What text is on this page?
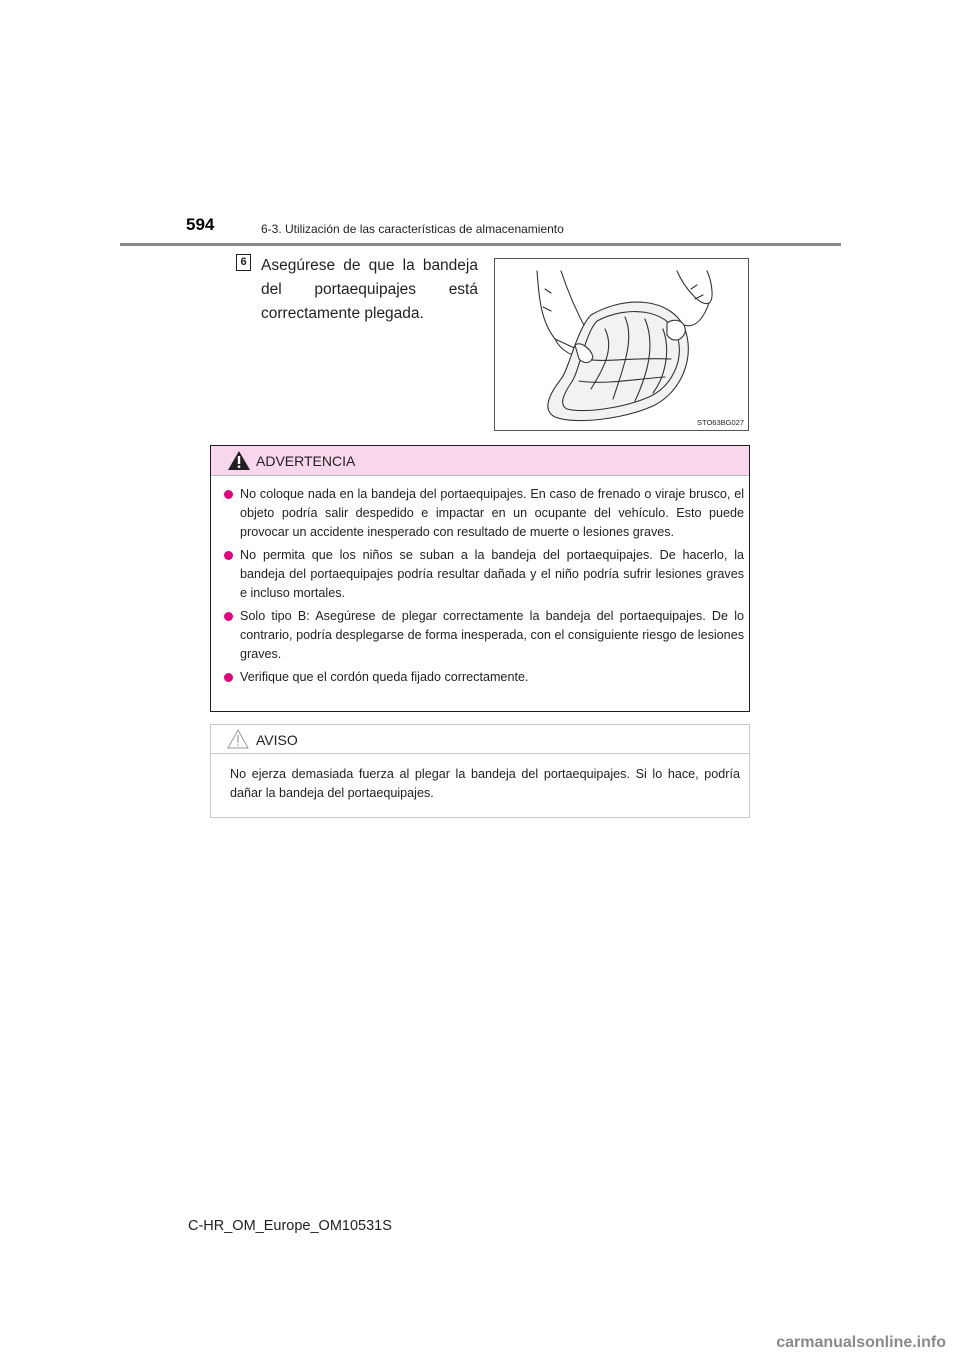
594	6-3. Utilización de las características de almacenamiento
6 Asegúrese de que la bandeja del portaequipajes está correctamente plegada.
STO63BG027
ADVERTENCIA
No coloque nada en la bandeja del portaequipajes. En caso de frenado o viraje brusco, el objeto podría salir despedido e impactar en un ocupante del vehículo. Esto puede provocar un accidente inesperado con resultado de muerte o lesiones graves.
No permita que los niños se suban a la bandeja del portaequipajes. De hacerlo, la bandeja del portaequipajes podría resultar dañada y el niño podría sufrir lesiones graves e incluso mortales.
Solo tipo B: Asegúrese de plegar correctamente la bandeja del portaequipajes. De lo contrario, podría desplegarse de forma inesperada, con el consiguiente riesgo de lesiones graves.
Verifique que el cordón queda fijado correctamente.
AVISO
No ejerza demasiada fuerza al plegar la bandeja del portaequipajes. Si lo hace, podría dañar la bandeja del portaequipajes.
C-HR_OM_Europe_OM10531S
carmanualsonline.info
